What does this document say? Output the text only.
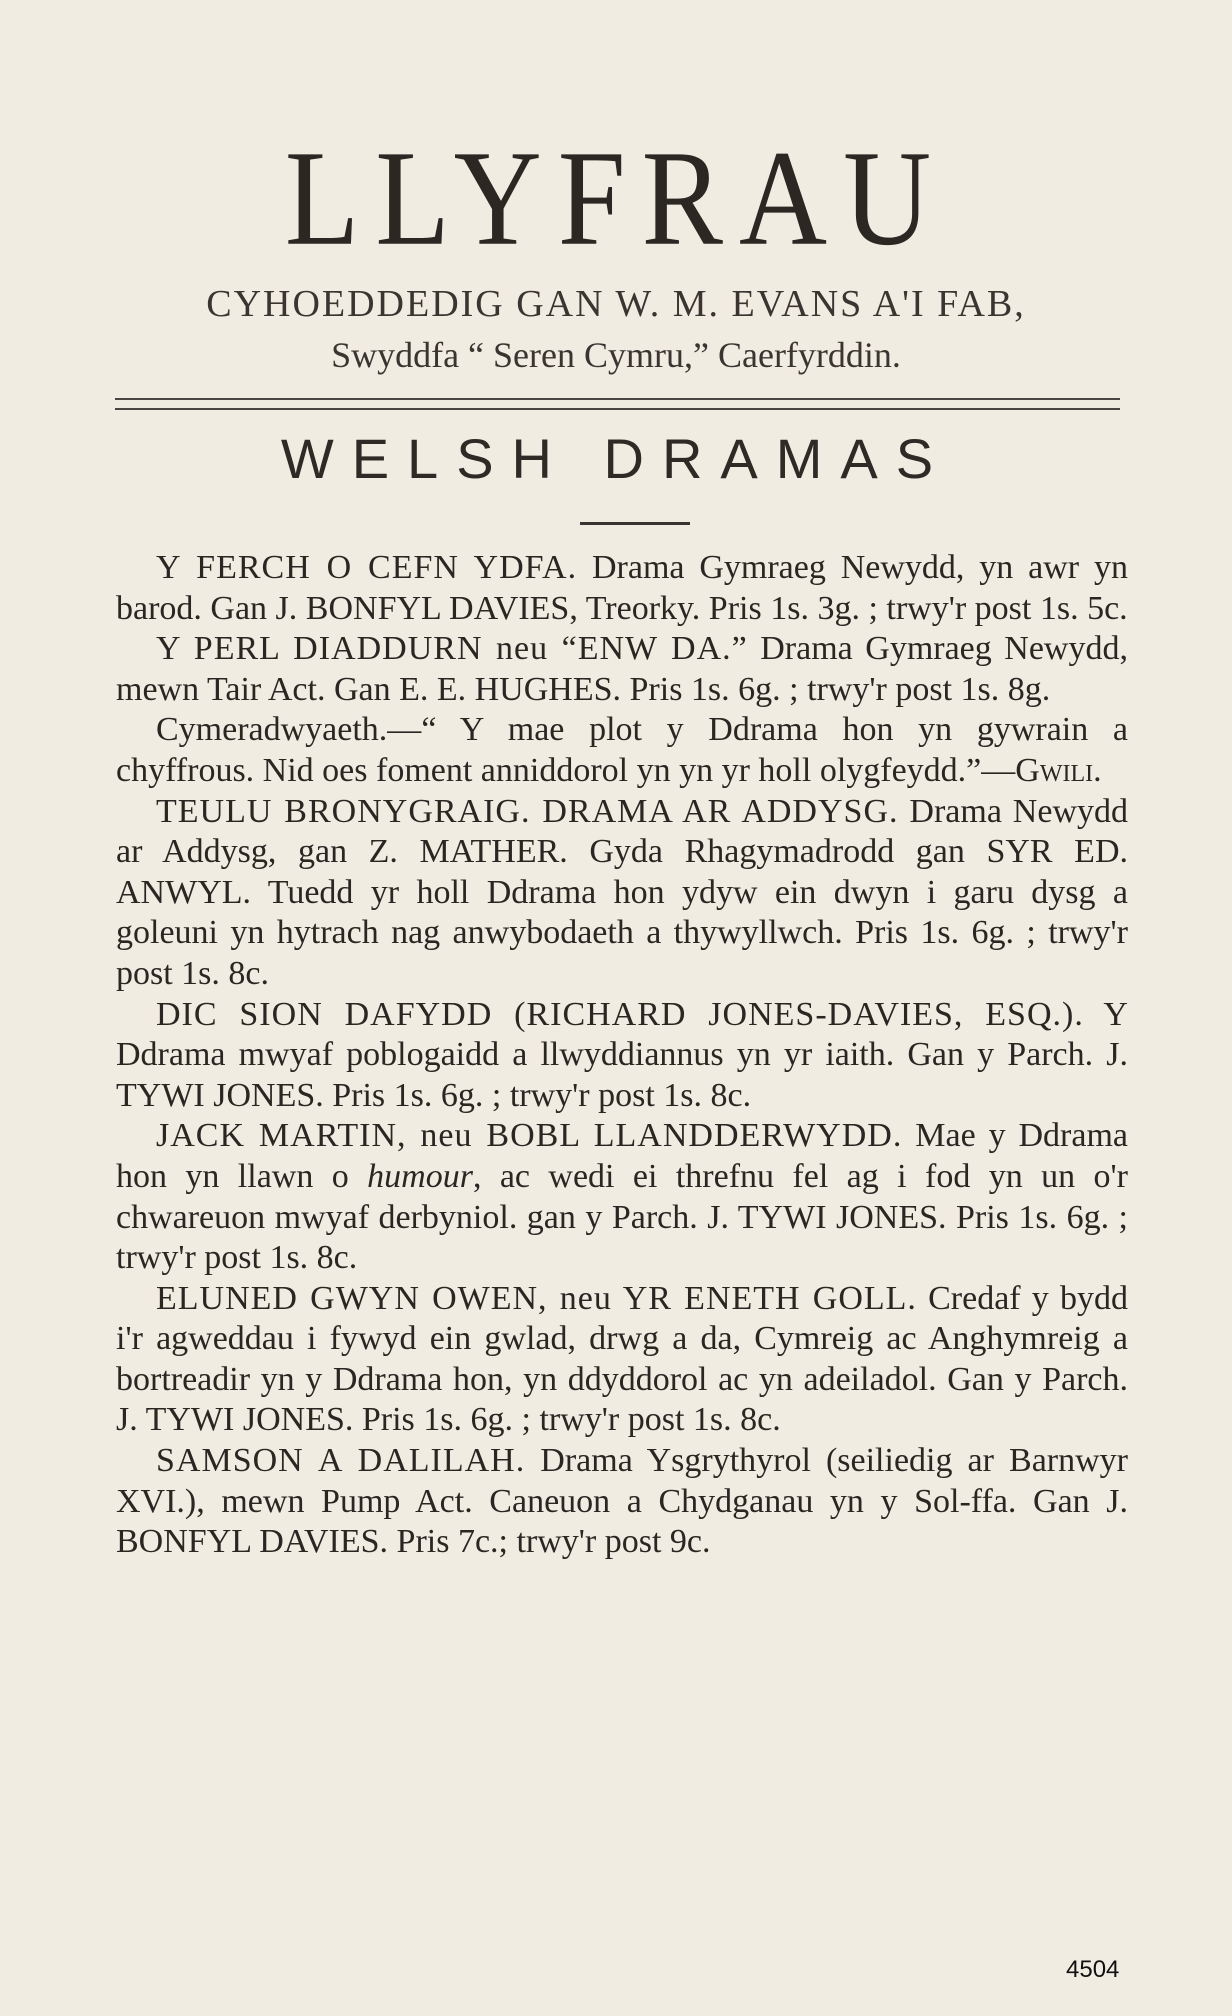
LLYFRAU
CYHOEDDEDIG GAN W. M. EVANS A'I FAB,
Swyddfa “ Seren Cymru,” Caerfyrddin.
WELSH DRAMAS

Y FERCH O CEFN YDFA. Drama Gymraeg Newydd, yn awr yn barod. Gan J. BONFYL DAVIES, Treorky. Pris 1s. 3g. ; trwy'r post 1s. 5c.

Y PERL DIADDURN neu “ENW DA.” Drama Gymraeg Newydd, mewn Tair Act. Gan E. E. HUGHES. Pris 1s. 6g. ; trwy'r post 1s. 8g.

Cymeradwyaeth.—“ Y mae plot y Ddrama hon yn gywrain a chyffrous. Nid oes foment anniddorol yn yn yr holl olygfeydd.”—Gwili.

TEULU BRONYGRAIG. DRAMA AR ADDYSG. Drama Newydd ar Addysg, gan Z. MATHER. Gyda Rhagymadrodd gan SYR ED. ANWYL. Tuedd yr holl Ddrama hon ydyw ein dwyn i garu dysg a goleuni yn hytrach nag anwybodaeth a thywyllwch. Pris 1s. 6g. ; trwy'r post 1s. 8c.

DIC SION DAFYDD (RICHARD JONES-DAVIES, ESQ.). Y Ddrama mwyaf poblogaidd a llwyddiannus yn yr iaith. Gan y Parch. J. TYWI JONES. Pris 1s. 6g. ; trwy'r post 1s. 8c.

JACK MARTIN, neu BOBL LLANDDERWYDD. Mae y Ddrama hon yn llawn o humour, ac wedi ei threfnu fel ag i fod yn un o'r chwareuon mwyaf derbyniol. gan y Parch. J. TYWI JONES. Pris 1s. 6g. ; trwy'r post 1s. 8c.

ELUNED GWYN OWEN, neu YR ENETH GOLL. Credaf y bydd i'r agweddau i fywyd ein gwlad, drwg a da, Cymreig ac Anghymreig a bortreadir yn y Ddrama hon, yn ddyddorol ac yn adeiladol. Gan y Parch. J. TYWI JONES. Pris 1s. 6g. ; trwy'r post 1s. 8c.

SAMSON A DALILAH. Drama Ysgrythyrol (seiliedig ar Barnwyr XVI.), mewn Pump Act. Caneuon a Chydganau yn y Sol-ffa. Gan J. BONFYL DAVIES. Pris 7c.; trwy'r post 9c.

4504
